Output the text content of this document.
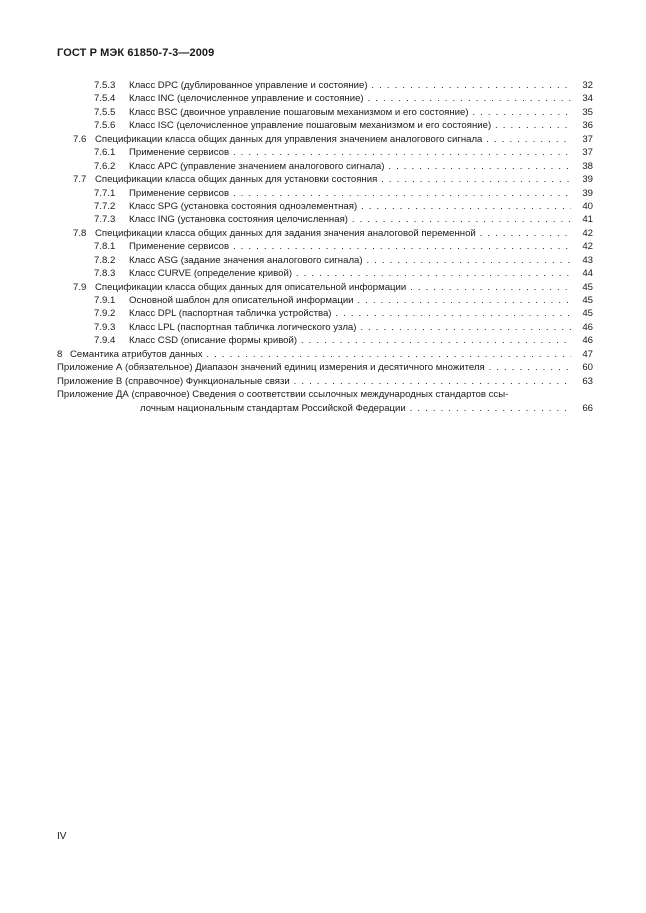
ГОСТ Р МЭК 61850-7-3—2009
7.5.3 Класс DPC (дублированное управление и состояние) . . .	32
7.5.4 Класс INC (целочисленное управление и состояние) . . .	34
7.5.5 Класс BSC (двоичное управление пошаговым механизмом и его состояние) . . .	35
7.5.6 Класс ISC (целочисленное управление пошаговым механизмом и его состояние) . . .	36
7.6 Спецификации класса общих данных для управления значением аналогового сигнала . . .	37
7.6.1 Применение сервисов . . .	37
7.6.2 Класс АРС (управление значением аналогового сигнала) . . .	38
7.7 Спецификации класса общих данных для установки состояния . . .	39
7.7.1 Применение сервисов . . .	39
7.7.2 Класс SPG (установка состояния одноэлементная) . . .	40
7.7.3 Класс ING (установка состояния целочисленная) . . .	41
7.8 Спецификации класса общих данных для задания значения аналоговой переменной . . .	42
7.8.1 Применение сервисов . . .	42
7.8.2 Класс ASG (задание значения аналогового сигнала) . . .	43
7.8.3 Класс CURVE (определение кривой) . . .	44
7.9 Спецификации класса общих данных для описательной информации . . .	45
7.9.1 Основной шаблон для описательной информации . . .	45
7.9.2 Класс DPL (паспортная табличка устройства) . . .	45
7.9.3 Класс LPL (паспортная табличка логического узла) . . .	46
7.9.4 Класс CSD (описание формы кривой) . . .	46
8 Семантика атрибутов данных . . .	47
Приложение А (обязательное) Диапазон значений единиц измерения и десятичного множителя . . .	60
Приложение В (справочное) Функциональные связи . . .	63
Приложение ДА (справочное) Сведения о соответствии ссылочных международных стандартов ссы-
лочным национальным стандартам Российской Федерации . . .	66
IV
